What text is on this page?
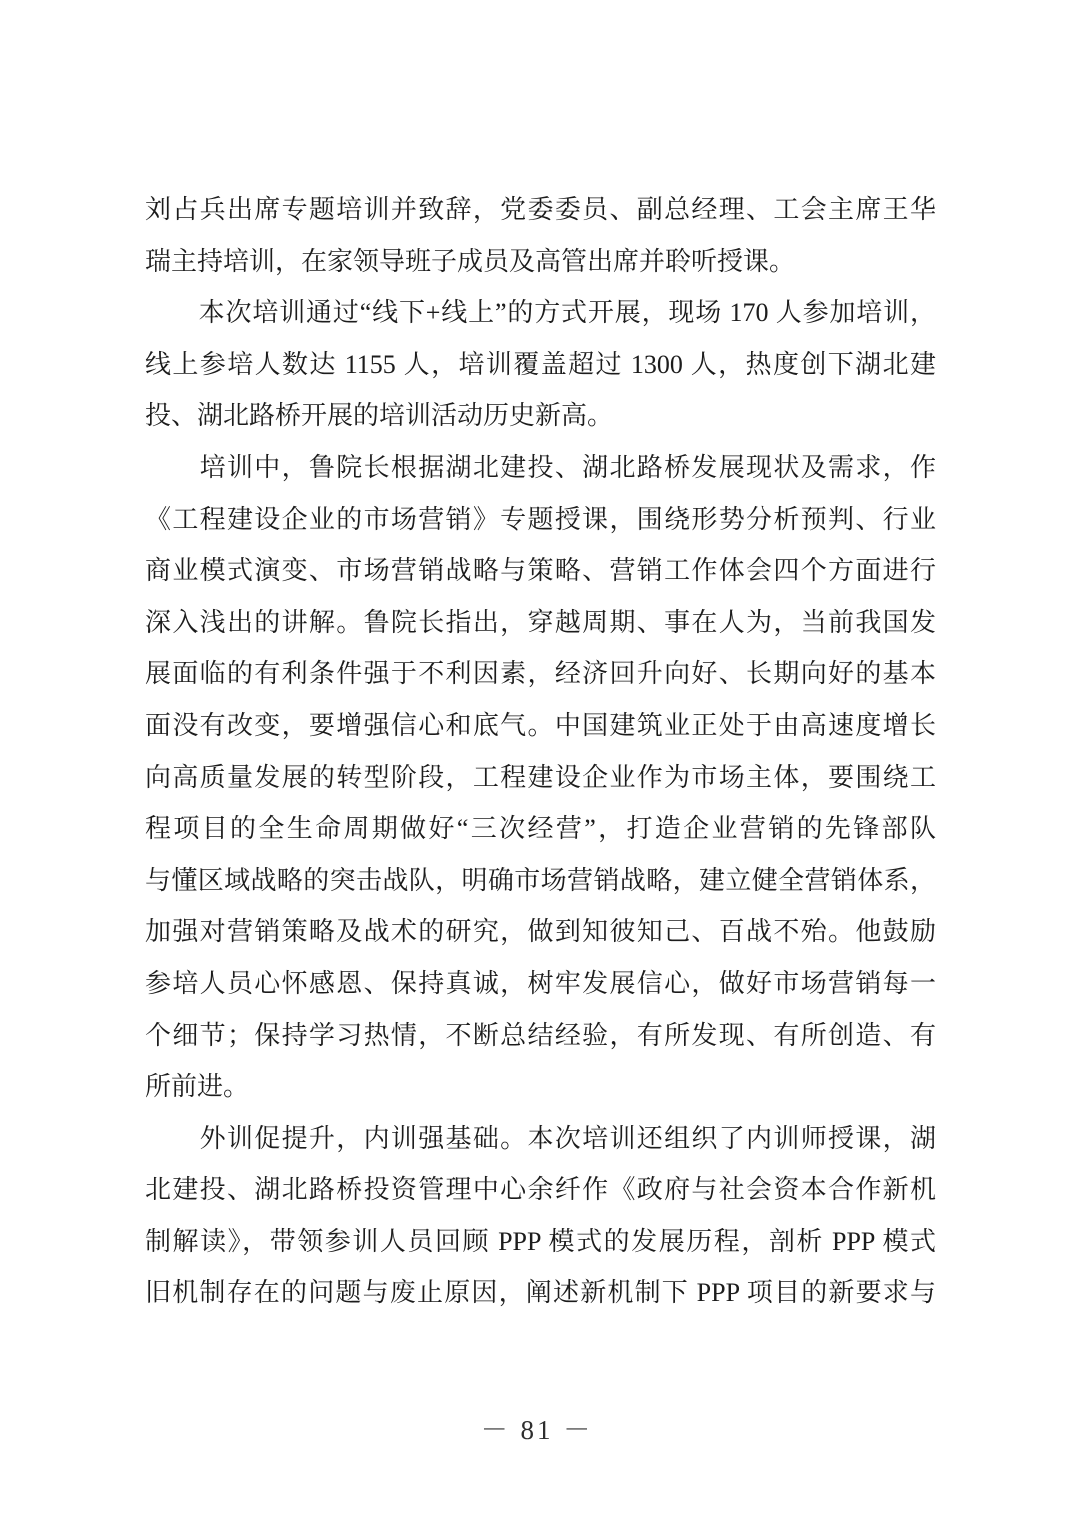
刘占兵出席专题培训并致辞，党委委员、副总经理、工会主席王华
瑞主持培训，在家领导班子成员及高管出席并聆听授课。
　　本次培训通过“线下+线上”的方式开展，现场 170 人参加培训，
线上参培人数达 1155 人，培训覆盖超过 1300 人，热度创下湖北建
投、湖北路桥开展的培训活动历史新高。
　　培训中，鲁院长根据湖北建投、湖北路桥发展现状及需求，作
《工程建设企业的市场营销》专题授课，围绕形势分析预判、行业
商业模式演变、市场营销战略与策略、营销工作体会四个方面进行
深入浅出的讲解。鲁院长指出，穿越周期、事在人为，当前我国发
展面临的有利条件强于不利因素，经济回升向好、长期向好的基本
面没有改变，要增强信心和底气。中国建筑业正处于由高速度增长
向高质量发展的转型阶段，工程建设企业作为市场主体，要围绕工
程项目的全生命周期做好“三次经营”，打造企业营销的先锋部队
与懂区域战略的突击战队，明确市场营销战略，建立健全营销体系，
加强对营销策略及战术的研究，做到知彼知己、百战不殆。他鼓励
参培人员心怀感恩、保持真诚，树牢发展信心，做好市场营销每一
个细节；保持学习热情，不断总结经验，有所发现、有所创造、有
所前进。
　　外训促提升，内训强基础。本次培训还组织了内训师授课，湖
北建投、湖北路桥投资管理中心余纤作《政府与社会资本合作新机
制解读》，带领参训人员回顾 PPP 模式的发展历程，剖析 PPP 模式
旧机制存在的问题与废止原因，阐述新机制下 PPP 项目的新要求与
－ 81 －
